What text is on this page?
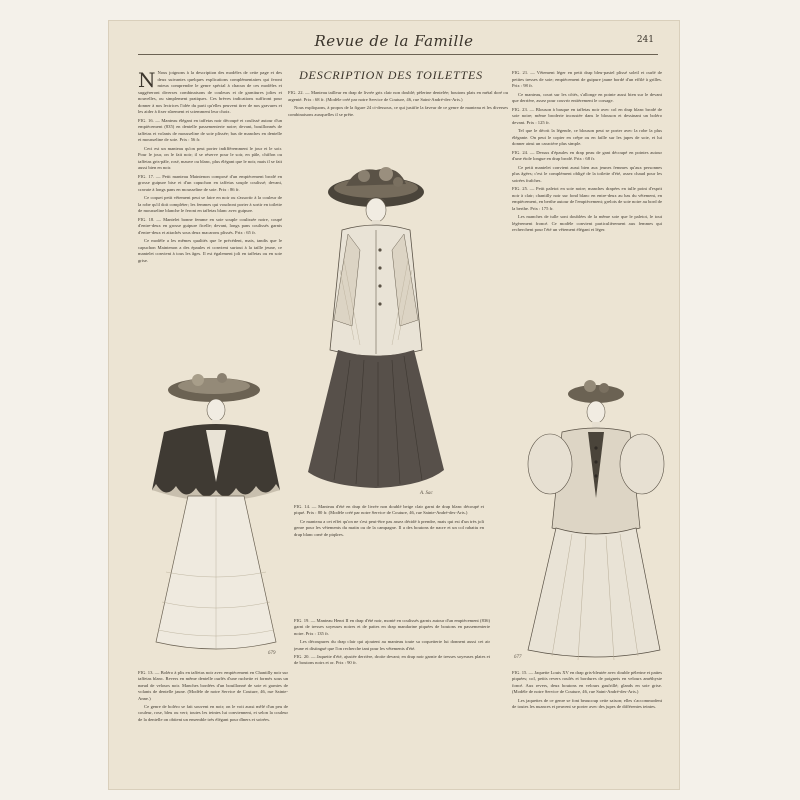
Revue de la Famille	241
DESCRIPTION DES TOILETTES

N Nous joignons à la description des modèles de cette page et des deux suivantes quelques explications complémentaires qui feront mieux comprendre le genre spécial à chacun de ces modèles et suggéreront diverses combinaisons de couleurs et de garnitures jolies et nouvelles, ou simplement pratiques. Ces brèves indications suffiront pour donner à nos lectrices l'idée du parti qu'elles peuvent tirer de nos gravures et les aider à fixer sûrement et sciemment leur choix.

FIG. 16. — Manteau élégant en taffetas noir découpé et coulissé autour d'un empiècement (835) en dentelle passementerie noire; devant, bouillonnés de taffetas et volants de mousseline de soie plissée; bas de manches en dentelle et mousseline de soie. Prix : 56 fr.

Ceci est un manteau qu'on peut porter indifféremment le jour et le soir. Pour le jour, on le fait noir; il se réserve pour le soir, en pâle, chiffon ou taffetas gris-pâle, rosé, mauve ou blanc, plus élégant que le noir, mais il se fait aussi bien en noir.

FIG. 17. — Petit manteau Maintenon composé d'un empiècement brodé en grosse guipure bise et d'un capuchon en taffetas souple coulissé; devant, cravate à longs pans en mousseline de soie. Prix : 86 fr.

Ce coquet petit vêtement peut se faire en noir ou s'assortir à la couleur de la robe qu'il doit compléter; les femmes qui voudront porter à sortir en toilette de mousseline blanche le feront en taffetas blanc avec guipure.

FIG. 18. — Mantelet bonne femme en soie souple coulissée noire, coupé d'entre-deux en grosse guipure ficelle; devant, longs pans coulissés garnis d'entre-deux et attachés sous deux macarons plissés. Prix : 65 fr.

Ce modèle a les mêmes qualités que le précédent, mais, tandis que le capuchon Maintenon a des épaules et convient surtout à la taille jeune, ce mantelet convient à tous les âges. Il est également joli en taffetas ou en soie grise.

FIG. 21. — Vêtement léger en petit drap bleu-pastel plissé soleil et ourlé de petites tresses de soie; empiècement de guipure jaune bordé d'un effilé à grilles. Prix : 98 fr.

Ce manteau, court sur les côtés, s'allonge en pointe aussi bien sur le devant que derrière, assez pour couvrir entièrement le corsage.

FIG. 23. — Blouson à basque en taffetas noir avec col en drap blanc brodé de soie noire; même broderie incrustée dans le blouson et dessinant un boléro devant. Prix : 125 fr.

Tel que le décrit la légende, ce blouson peut se porter avec la robe la plus élégante. On peut le copier en crêpe ou en faille sur les jupes de soie, et lui donner ainsi un caractère plus simple.

FIG. 24. — Dessus d'épaules en drap peau de gant découpé en pointes autour d'une étole longue en drap brodé. Prix : 68 fr.

Ce petit mantelet convient aussi bien aux jeunes femmes qu'aux personnes plus âgées; c'est le complément obligé de la toilette d'été, assez chaud pour les soirées fraîches.

FIG. 25. — Petit paletot en soie noire; manches drapées en tulle point d'esprit noir à clair; chantilly noir sur fond blanc en entre-deux au bas du vêtement, en empiècement, en berthe autour de l'empiècement; grelots de soie noire au bord de la berthe. Prix : 175 fr.

Les manches de tulle sont doublées de la même soie que le paletot, le tout légèrement froncé. Ce modèle convient particulièrement aux femmes qui recherchent pour l'été un vêtement élégant et léger.

FIG. 22. — Manteau tailleur en drap de livrée gris clair non doublé; pèlerine dentelée; boutons plats en métal doré ou argenté. Prix : 68 fr. (Modèle créé par notre Service de Couture, 46, rue Saint-André-des-Arts.)

Nous expliquons, à propos de la figure 24 ci-dessous, ce qui justifie la faveur de ce genre de manteau et les diverses combinaisons auxquelles il se prête.

A. Sac

FIG. 14. — Manteau d'été en drap de livrée non doublé beige clair garni de drap blanc découpé et piqué. Prix : 80 fr. (Modèle créé par notre Service de Couture, 46, rue Sainte-André-des-Arts.)

Ce manteau a cet effet qu'on ne s'est peut-être pas assez décidé à prendre, mais qui est d'un très joli genre pour les vêtements du matin ou de la campagne. Il a des boutons de nacre et un col rabattu en drap blanc orné de piqûres.

679

FIG. 13. — Boléro à plis en taffetas noir avec empiècement en Chantilly noir sur taffetas blanc. Revers en même dentelle ourlés d'une ruchette et formés sous un nœud de velours noir. Manches bordées d'un bouillonné de soie et garnies de volants de dentelle jaune. (Modèle de notre Service de Couture, 46, rue Sainte-Anne.)

Ce genre de boléro se fait souvent en noir; on le voit aussi mêlé d'un peu de couleur, rose, bleu ou vert; toutes les teintes lui conviennent, et selon la couleur de la dentelle on obtient un ensemble très élégant pour dîners et soirées.

FIG. 19. — Manteau Henri II en drap d'été noir, monté en coulissés garnis autour d'un empiècement (836) garni de tresses soyeuses noires et de pattes en drap mandarine piquées de boutons en passementerie noire. Prix : 135 fr.

Les découpures du drap clair qui ajoutent au manteau toute sa coquetterie lui donnent aussi cet air jeune et distingué que l'on recherche tant pour les vêtements d'été.

FIG. 20. — Jaquette d'été, ajustée derrière, droite devant; en drap noir garnie de tresses soyeuses plates et de boutons noirs et or. Prix : 90 fr.

677

FIG. 15. — Jaquette Louis XV en drap gris-bleutée avec double pèlerine et pattes piquées; col, petits revers roulés et bordures de poignets en velours améthyste foncé. Aux revers, deux boutons en velours gaufrillé; glands en soie grise. (Modèle de notre Service de Couture, 46, rue Saint-André-des-Arts.)

Les jaquettes de ce genre se font beaucoup cette saison; elles s'accommodent de toutes les nuances et peuvent se porter avec des jupes de différentes teintes.
